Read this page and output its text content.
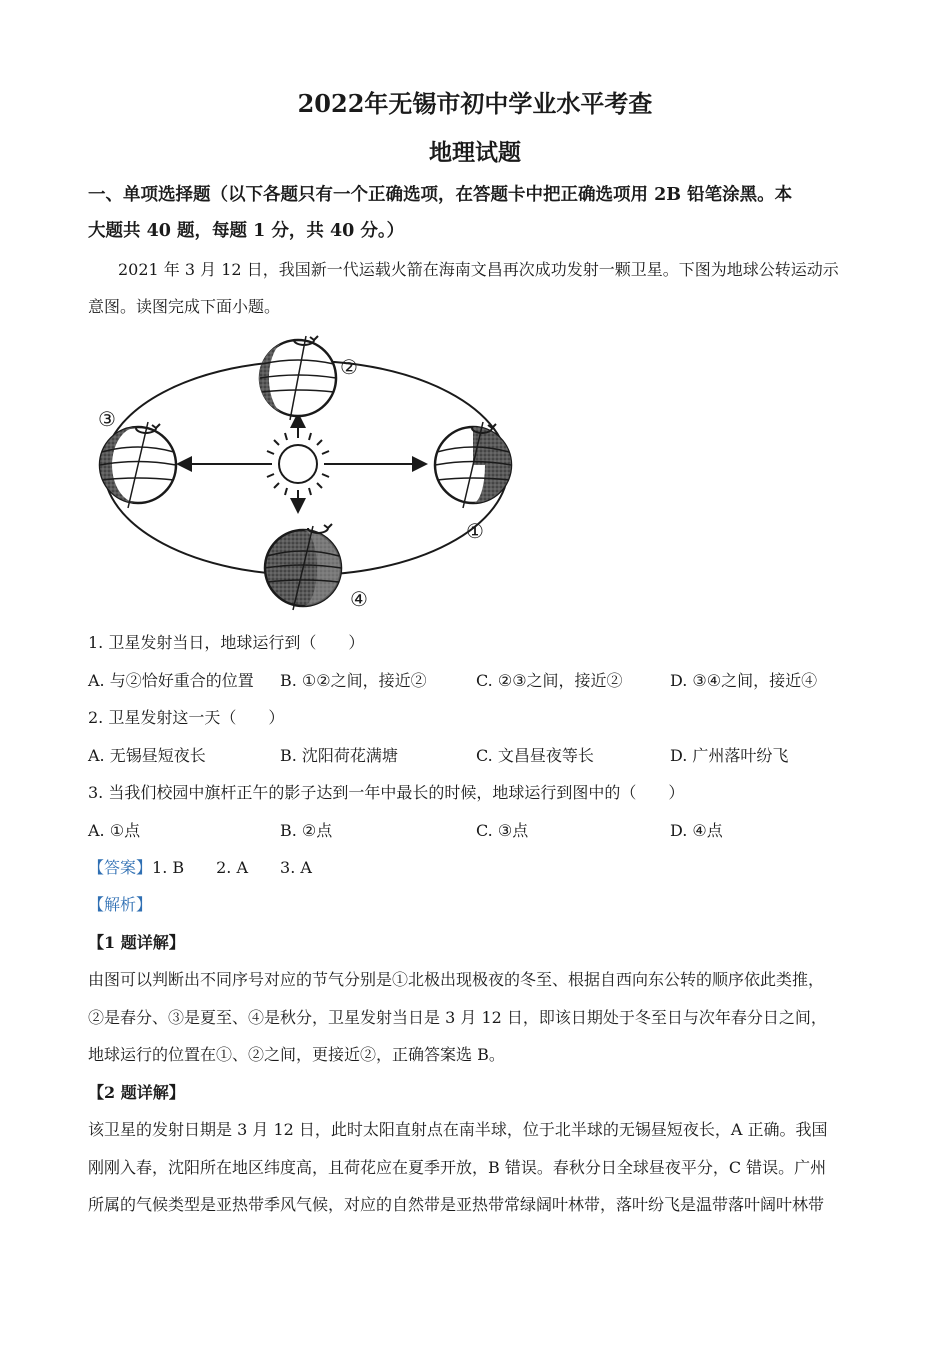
2022年无锡市初中学业水平考查
地理试题
一、单项选择题（以下各题只有一个正确选项，在答题卡中把正确选项用 2B 铅笔涂黑。本
大题共 40 题，每题 1 分，共 40 分。）
2021 年 3 月 12 日，我国新一代运载火箭在海南文昌再次成功发射一颗卫星。下图为地球公转运动示
意图。读图完成下面小题。
①
②
③
④
1. 卫星发射当日，地球运行到（　　）
A. 与②恰好重合的位置 B. ①②之间，接近②	C. ②③之间，接近②	D. ③④之间，接近④
2. 卫星发射这一天（　　）
A. 无锡昼短夜长	B. 沈阳荷花满塘	C. 文昌昼夜等长	D. 广州落叶纷飞
3. 当我们校园中旗杆正午的影子达到一年中最长的时候，地球运行到图中的（　　）
A. ①点	B. ②点	C. ③点	D. ④点
【答案】1. B　　2. A　　3. A
【解析】
【1 题详解】
由图可以判断出不同序号对应的节气分别是①北极出现极夜的冬至、根据自西向东公转的顺序依此类推，
②是春分、③是夏至、④是秋分，卫星发射当日是 3 月 12 日，即该日期处于冬至日与次年春分日之间，
地球运行的位置在①、②之间，更接近②，正确答案选 B。
【2 题详解】
该卫星的发射日期是 3 月 12 日，此时太阳直射点在南半球，位于北半球的无锡昼短夜长，A 正确。我国
刚刚入春，沈阳所在地区纬度高，且荷花应在夏季开放，B 错误。春秋分日全球昼夜平分，C 错误。广州
所属的气候类型是亚热带季风气候，对应的自然带是亚热带常绿阔叶林带，落叶纷飞是温带落叶阔叶林带
